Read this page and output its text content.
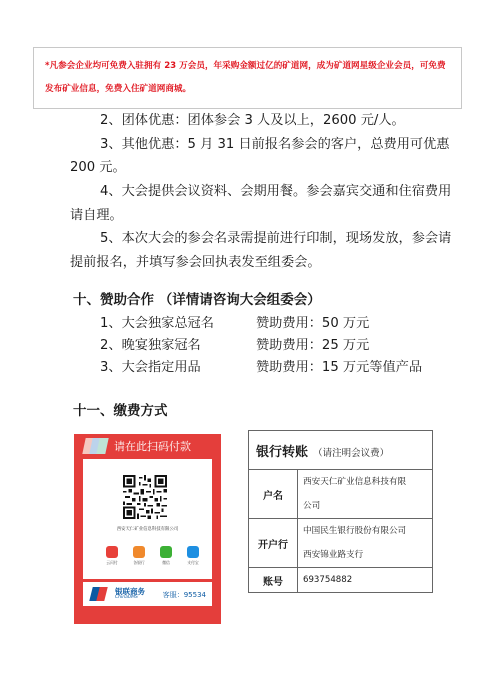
*凡参会企业均可免费入驻拥有 23 万会员，年采购金额过亿的矿道网，成为矿道网星级企业会员，可免费

发布矿业信息，免费入住矿道网商城。

2、团体优惠：团体参会 3 人及以上，2600 元/人。
3、其他优惠：5 月 31 日前报名参会的客户，总费用可优惠
200 元。
4、大会提供会议资料、会期用餐。参会嘉宾交通和住宿费用
请自理。
5、本次大会的参会名录需提前进行印制，现场发放，参会请
提前报名，并填写参会回执表发至组委会。
十、赞助合作 （详情请咨询大会组委会）
1、大会独家总冠名	赞助费用：50 万元
2、晚宴独家冠名	赞助费用：25 万元
3、大会指定用品	赞助费用：15 万元等值产品
十一、缴费方式
请在此扫码付款
西安天仁矿业信息科技有限公司
云闪付	各银行	微信	支付宝
银联商务
ChinaUMS	客服：95534
银行转账 （请注明会议费）	
户名	西安天仁矿业信息科技有限
公司

开户行	中国民生银行股份有限公司
西安锦业路支行

账号	693754882
